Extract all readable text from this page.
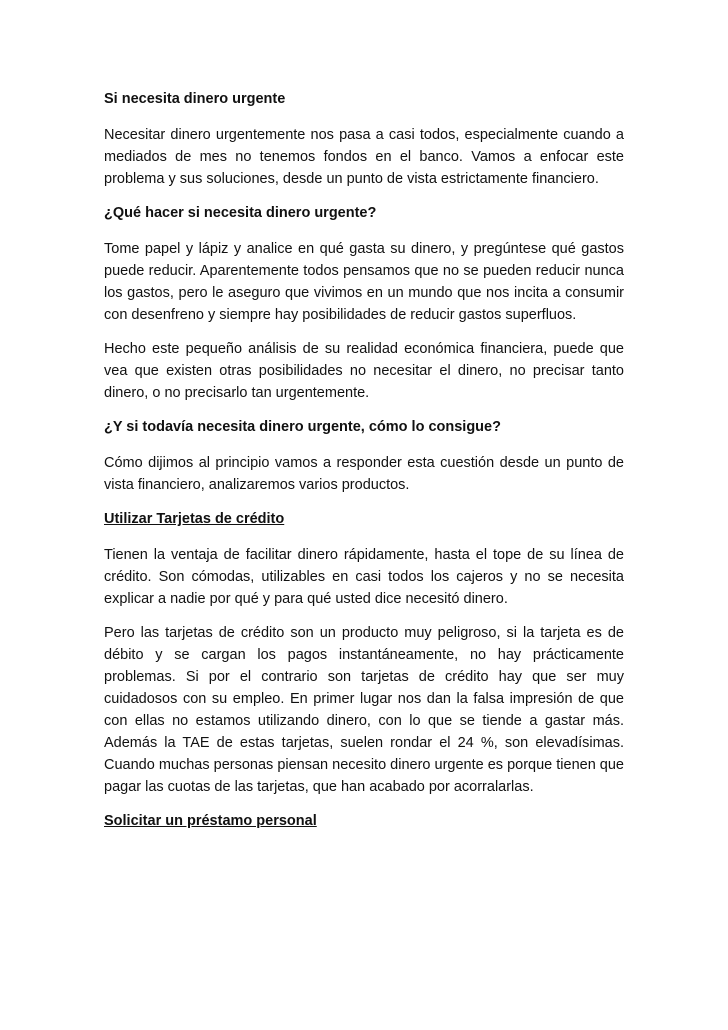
Si necesita dinero urgente

Necesitar dinero urgentemente nos pasa a casi todos, especialmente cuando a mediados de mes no tenemos fondos en el banco. Vamos a enfocar este problema y sus soluciones, desde un punto de vista estrictamente financiero.

¿Qué hacer si necesita dinero urgente?

Tome papel y lápiz y analice en qué gasta su dinero, y pregúntese qué gastos puede reducir. Aparentemente todos pensamos que no se pueden reducir nunca los gastos, pero le aseguro que vivimos en un mundo que nos incita a consumir con desenfreno y siempre hay posibilidades de reducir gastos superfluos.

Hecho este pequeño análisis de su realidad económica financiera, puede que vea que existen otras posibilidades no necesitar el dinero, no precisar tanto dinero, o no precisarlo tan urgentemente.

¿Y si todavía necesita dinero urgente, cómo lo consigue?

Cómo dijimos al principio vamos a responder esta cuestión desde un punto de vista financiero, analizaremos varios productos.

Utilizar Tarjetas de crédito

Tienen la ventaja de facilitar dinero rápidamente, hasta el tope de su línea de crédito. Son cómodas, utilizables en casi todos los cajeros y no se necesita explicar a nadie por qué y para qué usted dice necesitó dinero.

Pero las tarjetas de crédito son un producto muy peligroso, si la tarjeta es de débito y se cargan los pagos instantáneamente, no hay prácticamente problemas. Si por el contrario son tarjetas de crédito hay que ser muy cuidadosos con su empleo. En primer lugar nos dan la falsa impresión de que con ellas no estamos utilizando dinero, con lo que se tiende a gastar más. Además la TAE de estas tarjetas, suelen rondar el 24 %, son elevadísimas. Cuando muchas personas piensan necesito dinero urgente es porque tienen que pagar las cuotas de las tarjetas, que han acabado por acorralarlas.

Solicitar un préstamo personal
